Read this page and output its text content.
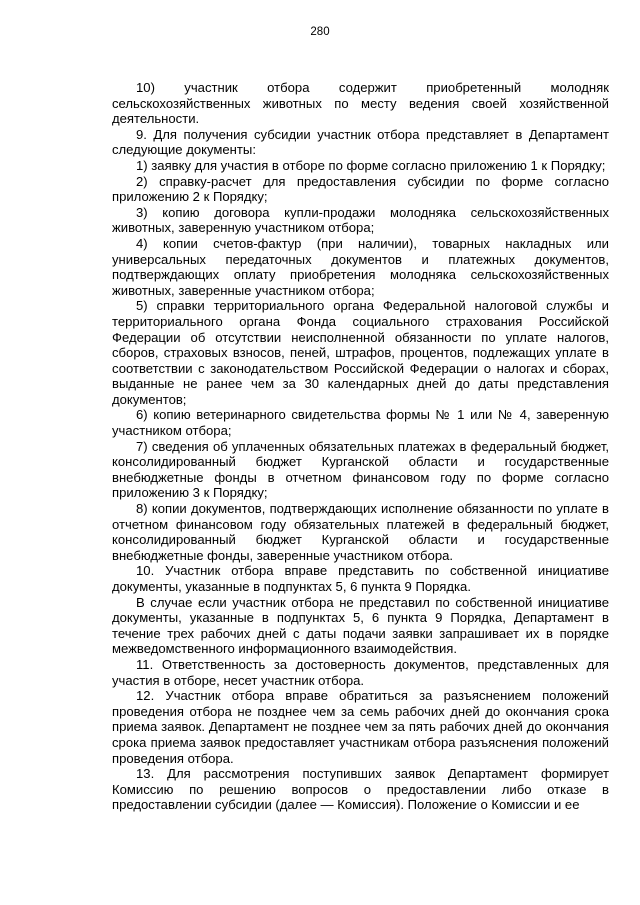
280

10) участник отбора содержит приобретенный молодняк сельскохозяйственных животных по месту ведения своей хозяйственной деятельности.

9. Для получения субсидии участник отбора представляет в Департамент следующие документы:

1) заявку для участия в отборе по форме согласно приложению 1 к Порядку;

2) справку-расчет для предоставления субсидии по форме согласно приложению 2 к Порядку;

3) копию договора купли-продажи молодняка сельскохозяйственных животных, заверенную участником отбора;

4) копии счетов-фактур (при наличии), товарных накладных или универсальных передаточных документов и платежных документов, подтверждающих оплату приобретения молодняка сельскохозяйственных животных, заверенные участником отбора;

5) справки территориального органа Федеральной налоговой службы и территориального органа Фонда социального страхования Российской Федерации об отсутствии неисполненной обязанности по уплате налогов, сборов, страховых взносов, пеней, штрафов, процентов, подлежащих уплате в соответствии с законодательством Российской Федерации о налогах и сборах, выданные не ранее чем за 30 календарных дней до даты представления документов;

6) копию ветеринарного свидетельства формы № 1 или № 4, заверенную участником отбора;

7) сведения об уплаченных обязательных платежах в федеральный бюджет, консолидированный бюджет Курганской области и государственные внебюджетные фонды в отчетном финансовом году по форме согласно приложению 3 к Порядку;

8) копии документов, подтверждающих исполнение обязанности по уплате в отчетном финансовом году обязательных платежей в федеральный бюджет, консолидированный бюджет Курганской области и государственные внебюджетные фонды, заверенные участником отбора.

10. Участник отбора вправе представить по собственной инициативе документы, указанные в подпунктах 5, 6 пункта 9 Порядка.

В случае если участник отбора не представил по собственной инициативе документы, указанные в подпунктах 5, 6 пункта 9 Порядка, Департамент в течение трех рабочих дней с даты подачи заявки запрашивает их в порядке межведомственного информационного взаимодействия.

11. Ответственность за достоверность документов, представленных для участия в отборе, несет участник отбора.

12. Участник отбора вправе обратиться за разъяснением положений проведения отбора не позднее чем за семь рабочих дней до окончания срока приема заявок. Департамент не позднее чем за пять рабочих дней до окончания срока приема заявок предоставляет участникам отбора разъяснения положений проведения отбора.

13. Для рассмотрения поступивших заявок Департамент формирует Комиссию по решению вопросов о предоставлении либо отказе в предоставлении субсидии (далее — Комиссия). Положение о Комиссии и ее
